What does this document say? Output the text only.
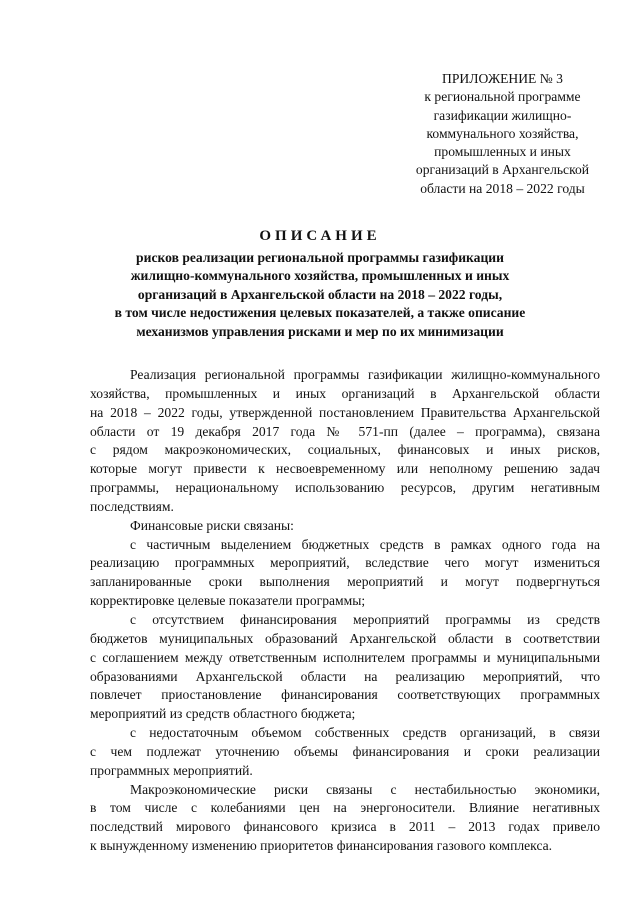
ПРИЛОЖЕНИЕ № 3
к региональной программе
газификации жилищно-
коммунального хозяйства,
промышленных и иных
организаций в Архангельской
области на 2018 – 2022 годы
ОПИСАНИЕ
рисков реализации региональной программы газификации
жилищно-коммунального хозяйства, промышленных и иных
организаций в Архангельской области на 2018 – 2022 годы,
в том числе недостижения целевых показателей, а также описание
механизмов управления рисками и мер по их минимизации
Реализация региональной программы газификации жилищно-коммунального
хозяйства, промышленных и иных организаций в Архангельской области
на 2018 – 2022 годы, утвержденной постановлением Правительства Архангельской
области от 19 декабря 2017 года № 571-пп (далее – программа), связана
с рядом макроэкономических, социальных, финансовых и иных рисков,
которые могут привести к несвоевременному или неполному решению задач
программы, нерациональному использованию ресурсов, другим негативным
последствиям.
Финансовые риски связаны:
с частичным выделением бюджетных средств в рамках одного года на
реализацию программных мероприятий, вследствие чего могут измениться
запланированные сроки выполнения мероприятий и могут подвергнуться
корректировке целевые показатели программы;
с отсутствием финансирования мероприятий программы из средств
бюджетов муниципальных образований Архангельской области в соответствии
с соглашением между ответственным исполнителем программы и муниципальными
образованиями Архангельской области на реализацию мероприятий, что
повлечет приостановление финансирования соответствующих программных
мероприятий из средств областного бюджета;
с недостаточным объемом собственных средств организаций, в связи
с чем подлежат уточнению объемы финансирования и сроки реализации
программных мероприятий.
Макроэкономические риски связаны с нестабильностью экономики,
в том числе с колебаниями цен на энергоносители. Влияние негативных
последствий мирового финансового кризиса в 2011 – 2013 годах привело
к вынужденному изменению приоритетов финансирования газового комплекса.
